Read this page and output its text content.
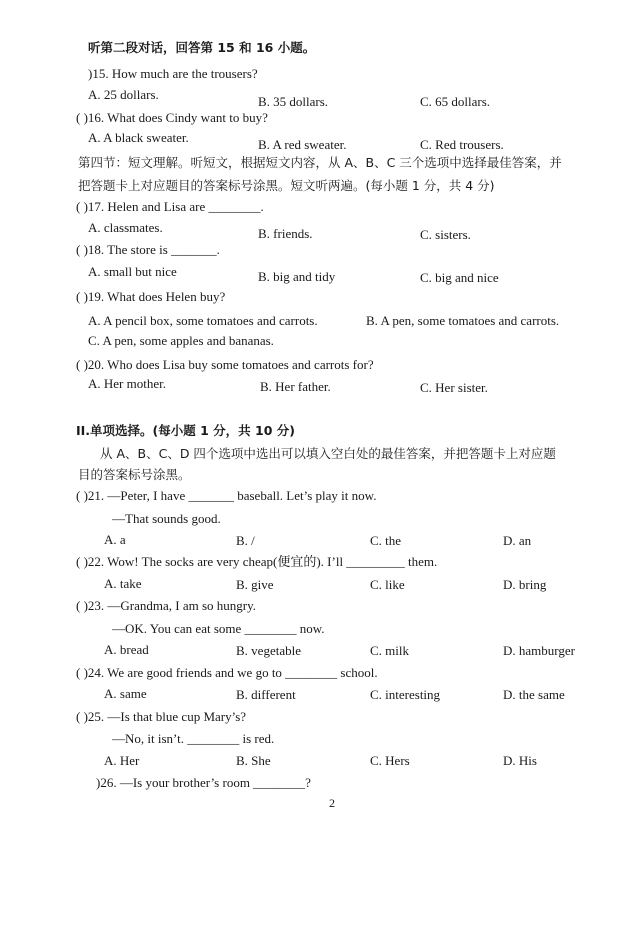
听第二段对话，回答第 15 和 16 小题。
)15. How much are the trousers?
A. 25 dollars.	B. 35 dollars.	C. 65 dollars.
( )16. What does Cindy want to buy?
A. A black sweater.	B. A red sweater.	C. Red trousers.
第四节：短文理解。听短文，根据短文内容，从 A、B、C 三个选项中选择最佳答案，并
把答题卡上对应题目的答案标号涂黑。短文听两遍。(每小题 1 分，共 4 分)
( )17. Helen and Lisa are ________.
A. classmates.	B. friends.	C. sisters.
( )18. The store is _______.
A. small but nice	B. big and tidy	C. big and nice
( )19. What does Helen buy?
A. A pencil box, some tomatoes and carrots.	B. A pen, some tomatoes and carrots.
C. A pen, some apples and bananas.
( )20. Who does Lisa buy some tomatoes and carrots for?
A. Her mother.	B. Her father.	C. Her sister.
II.单项选择。(每小题 1 分，共 10 分)
从 A、B、C、D 四个选项中选出可以填入空白处的最佳答案，并把答题卡上对应题
目的答案标号涂黑。
( )21. —Peter, I have _______ baseball. Let’s play it now.
—That sounds good.
A. a	B. /	C. the	D. an
( )22. Wow! The socks are very cheap(便宜的). I’ll _________ them.
A. take	B. give	C. like	D. bring
( )23. —Grandma, I am so hungry.
—OK. You can eat some ________ now.
A. bread	B. vegetable	C. milk	D. hamburger
( )24. We are good friends and we go to ________ school.
A. same	B. different	C. interesting	D. the same
( )25. —Is that blue cup Mary’s?
—No, it isn’t. ________ is red.
A. Her	B. She	C. Hers	D. His
)26. —Is your brother’s room ________?
2
